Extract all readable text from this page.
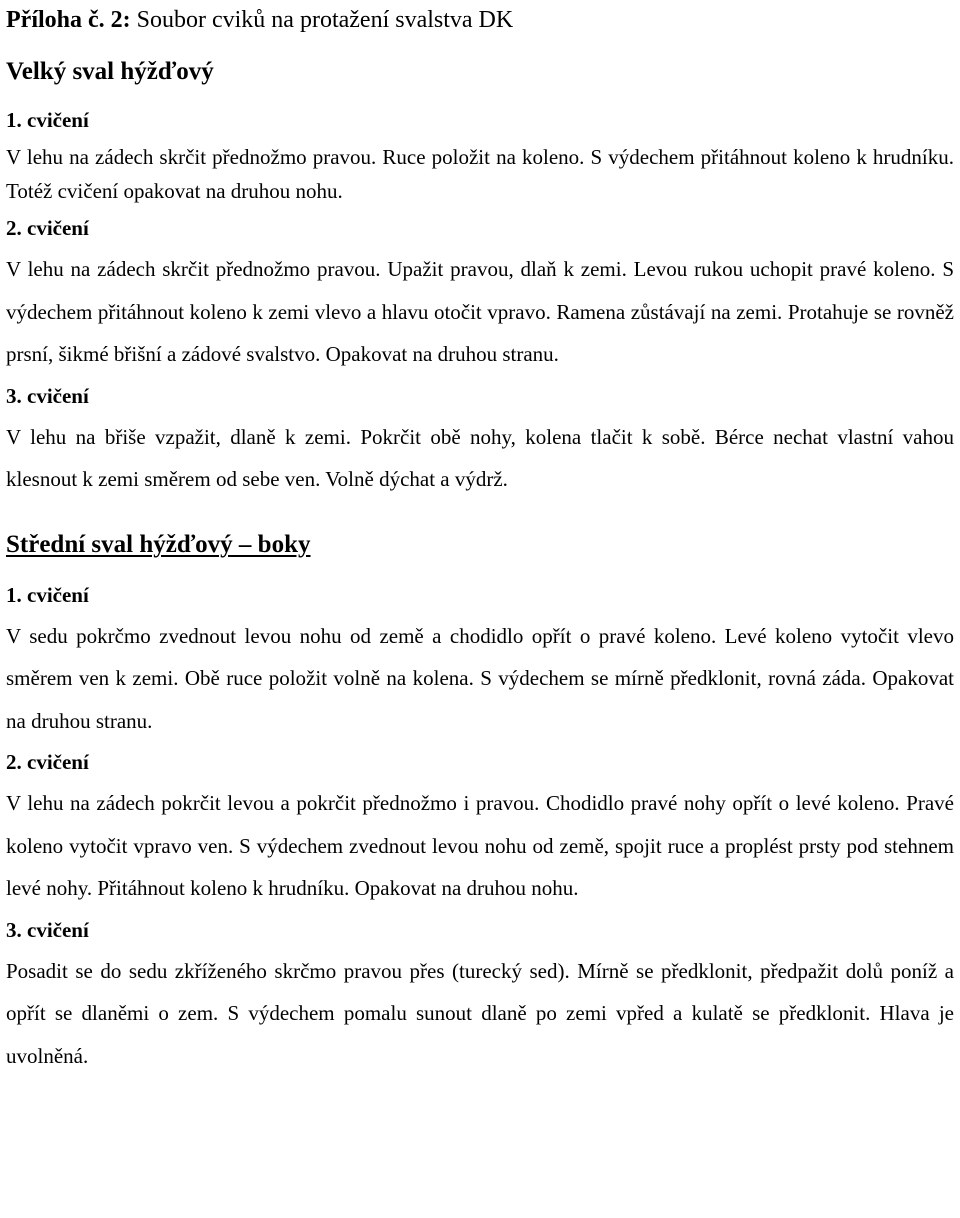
Příloha č. 2: Soubor cviků na protažení svalstva DK
Velký sval hýžďový
1. cvičení

V lehu na zádech skrčit přednožmo pravou. Ruce položit na koleno. S výdechem přitáhnout koleno k hrudníku. Totéž cvičení opakovat na druhou nohu.

2. cvičení

V lehu na zádech skrčit přednožmo pravou. Upažit pravou, dlaň k zemi. Levou rukou uchopit pravé koleno. S výdechem přitáhnout koleno k zemi vlevo a hlavu otočit vpravo. Ramena zůstávají na zemi. Protahuje se rovněž prsní, šikmé břišní a zádové svalstvo. Opakovat na druhou stranu.

3. cvičení

V lehu na břiše vzpažit, dlaně k zemi. Pokrčit obě nohy, kolena tlačit k sobě. Bérce nechat vlastní vahou klesnout k zemi směrem od sebe ven. Volně dýchat a výdrž.

Střední sval hýžďový – boky
1. cvičení

V sedu pokrčmo zvednout levou nohu od země a chodidlo opřít o pravé koleno. Levé koleno vytočit vlevo směrem ven k zemi. Obě ruce položit volně na kolena. S výdechem se mírně předklonit, rovná záda. Opakovat na druhou stranu.

2. cvičení

V lehu na zádech pokrčit levou a pokrčit přednožmo i pravou. Chodidlo pravé nohy opřít o levé koleno. Pravé koleno vytočit vpravo ven. S výdechem zvednout levou nohu od země, spojit ruce a proplést prsty pod stehnem levé nohy. Přitáhnout koleno k hrudníku. Opakovat na druhou nohu.

3. cvičení

Posadit se do sedu zkříženého skrčmo pravou přes (turecký sed). Mírně se předklonit, předpažit dolů poníž a opřít se dlaněmi o zem. S výdechem pomalu sunout dlaně po zemi vpřed a kulatě se předklonit. Hlava je uvolněná.
